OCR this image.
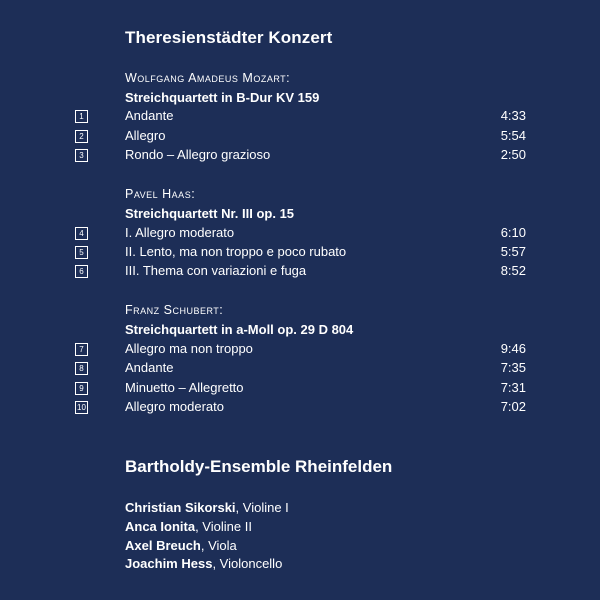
Theresienstädter Konzert
Wolfgang Amadeus Mozart:
Streichquartett in B-Dur KV 159
1	Andante	4:33
2	Allegro	5:54
3	Rondo – Allegro grazioso	2:50
Pavel Haas:
Streichquartett Nr. III op. 15
4	I. Allegro moderato	6:10
5	II. Lento, ma non troppo e poco rubato	5:57
6	III. Thema con variazioni e fuga	8:52
Franz Schubert:
Streichquartett in a-Moll op. 29 D 804
7	Allegro ma non troppo	9:46
8	Andante	7:35
9	Minuetto – Allegretto	7:31
10	Allegro moderato	7:02
Bartholdy-Ensemble Rheinfelden
Christian Sikorski, Violine I
Anca Ionita, Violine II
Axel Breuch, Viola
Joachim Hess, Violoncello
